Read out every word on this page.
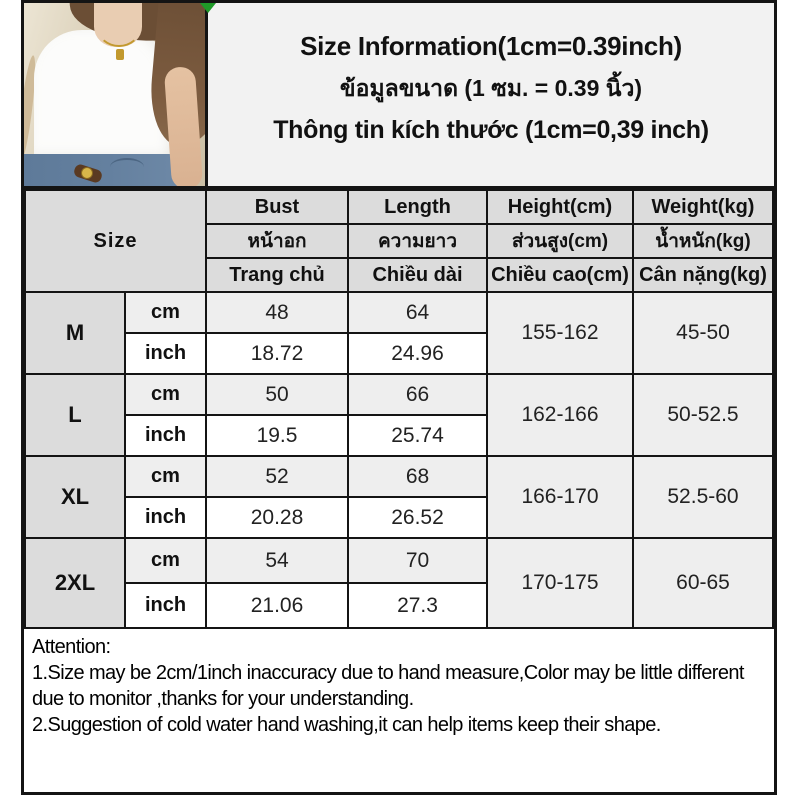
Size Information(1cm=0.39inch)
ข้อมูลขนาด (1 ซม. = 0.39 นิ้ว)
Thông tin kích thước (1cm=0,39 inch)
Size		Bust	Length	Height(cm)	Weight(kg)
		หน้าอก	ความยาว	ส่วนสูง(cm)	น้ำหนัก(kg)
		Trang chủ	Chiều dài	Chiều cao(cm)	Cân nặng(kg)
M	cm	48	64	155-162	45-50
	inch	18.72	24.96		
L	cm	50	66	162-166	50-52.5
	inch	19.5	25.74		
XL	cm	52	68	166-170	52.5-60
	inch	20.28	26.52		
2XL	cm	54	70	170-175	60-65
	inch	21.06	27.3		

Attention:

1.Size may be 2cm/1inch inaccuracy due to hand measure,Color may be little different due to monitor ,thanks for your understanding.

2.Suggestion of cold water hand washing,it can help items keep their shape.
